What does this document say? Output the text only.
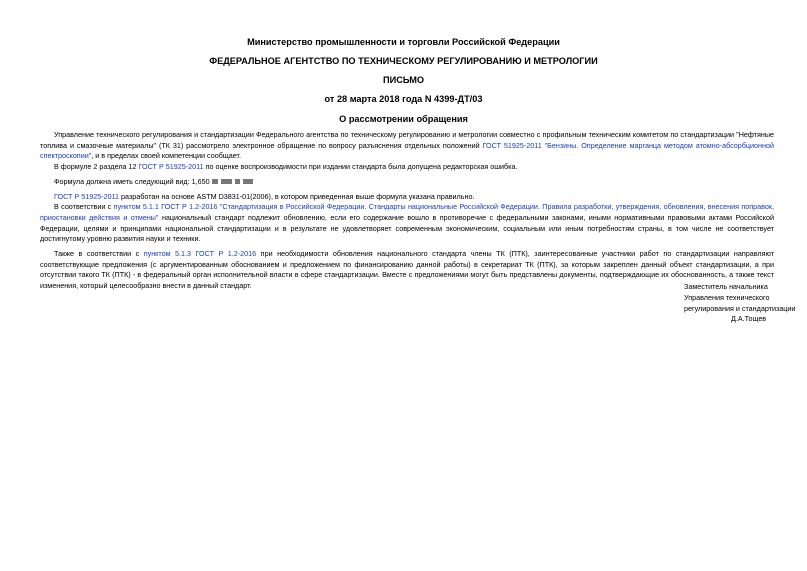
Министерство промышленности и торговли Российской Федерации
ФЕДЕРАЛЬНОЕ АГЕНТСТВО ПО ТЕХНИЧЕСКОМУ РЕГУЛИРОВАНИЮ И МЕТРОЛОГИИ
ПИСЬМО
от 28 марта 2018 года N 4399-ДТ/03
О рассмотрении обращения

Управление технического регулирования и стандартизации Федерального агентства по техническому регулированию и метрологии совместно с профильным техническим комитетом по стандартизации "Нефтяные топлива и смазочные материалы" (ТК 31) рассмотрело электронное обращение по вопросу разъяснения отдельных положений ГОСТ 51925-2011 "Бензины. Определение марганца методом атомно-абсорбционной спектроскопии", и в пределах своей компетенции сообщает.

В формуле 2 раздела 12 ГОСТ Р 51925-2011 по оценке воспроизводимости при издании стандарта была допущена редакторская ошибка.

Формула должна иметь следующий вид: 1,650

ГОСТ Р 51925-2011 разработан на основе ASTM D3831-01(2006), в котором приведенная выше формула указана правильно.

В соответствии с пунктом 5.1.1 ГОСТ Р 1.2-2016 "Стандартизация в Российской Федерации. Стандарты национальные Российской Федерации. Правила разработки, утверждения, обновления, внесения поправок, приостановки действия и отмены" национальный стандарт подлежит обновлению, если его содержание вошло в противоречие с федеральными законами, иными нормативными правовыми актами Российской Федерации, целями и принципами национальной стандартизации и в результате не удовлетворяет современным экономическим, социальным или иным потребностям страны, в том числе не соответствует достигнутому уровню развития науки и техники.

Также в соответствии с пунктом 5.1.3 ГОСТ Р 1.2-2016 при необходимости обновления национального стандарта члены ТК (ПТК), заинтересованные участники работ по стандартизации направляют соответствующие предложения (с аргументированным обоснованием и предложением по финансированию данной работы) в секретариат ТК (ПТК), за которым закреплен данный объект стандартизации, а при отсутствии такого ТК (ПТК) - в федеральный орган исполнительной власти в сфере стандартизации. Вместе с предложениями могут быть представлены документы, подтверждающие их обоснованность, а также текст изменения, который целесообразно внести в данный стандарт.	Заместитель начальника
Управления технического
регулирования и стандартизации
Д.А.Тощев
